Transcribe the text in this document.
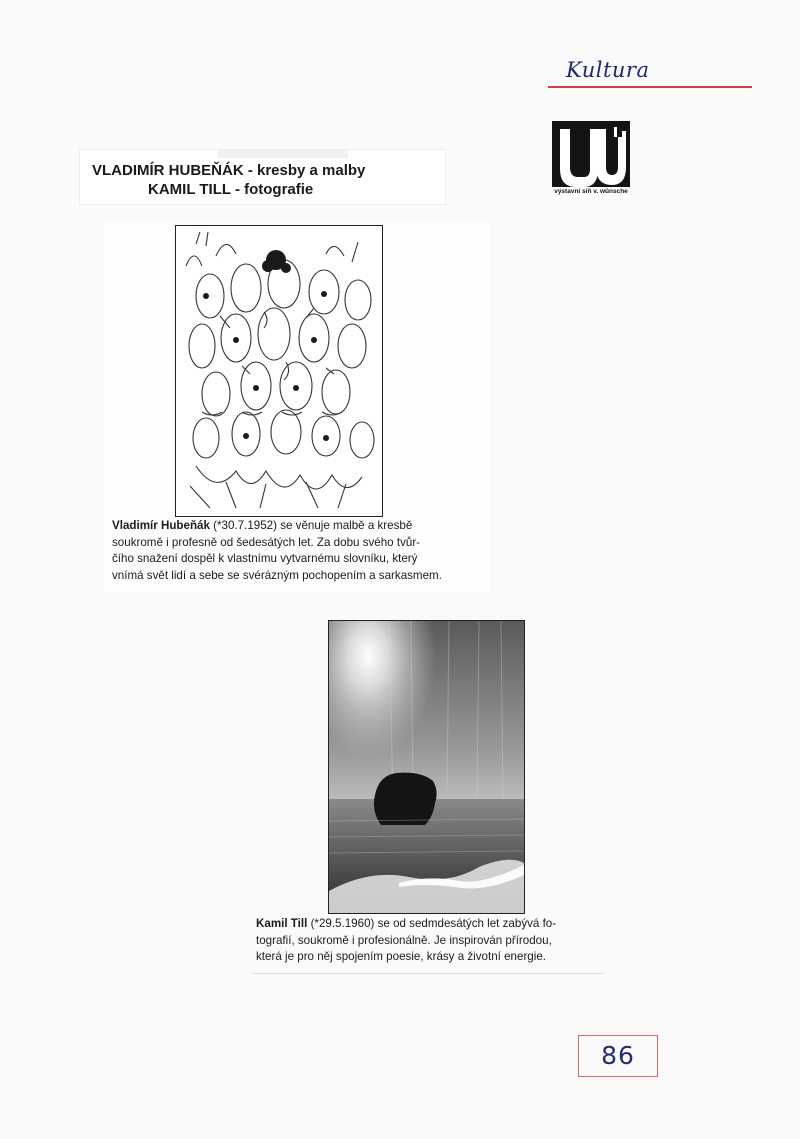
Kultura
výstavní síň v. wünsche
VLADIMÍR HUBEŇÁK - kresby a malby
KAMIL TILL - fotografie
Vladimír Hubeňák (*30.7.1952) se věnuje malbě a kresbě
soukromě i profesně od šedesátých let. Za dobu svého tvůr-
čího snažení dospěl k vlastnímu vytvarnému slovníku, který
vnímá svět lidí a sebe se svérázným pochopením a sarkasmem.
Kamil Till (*29.5.1960) se od sedmdesátých let zabývá fo-
tografií, soukromě i profesionálně. Je inspirován přírodou,
která je pro něj spojením poesie, krásy a životní energie.
86
